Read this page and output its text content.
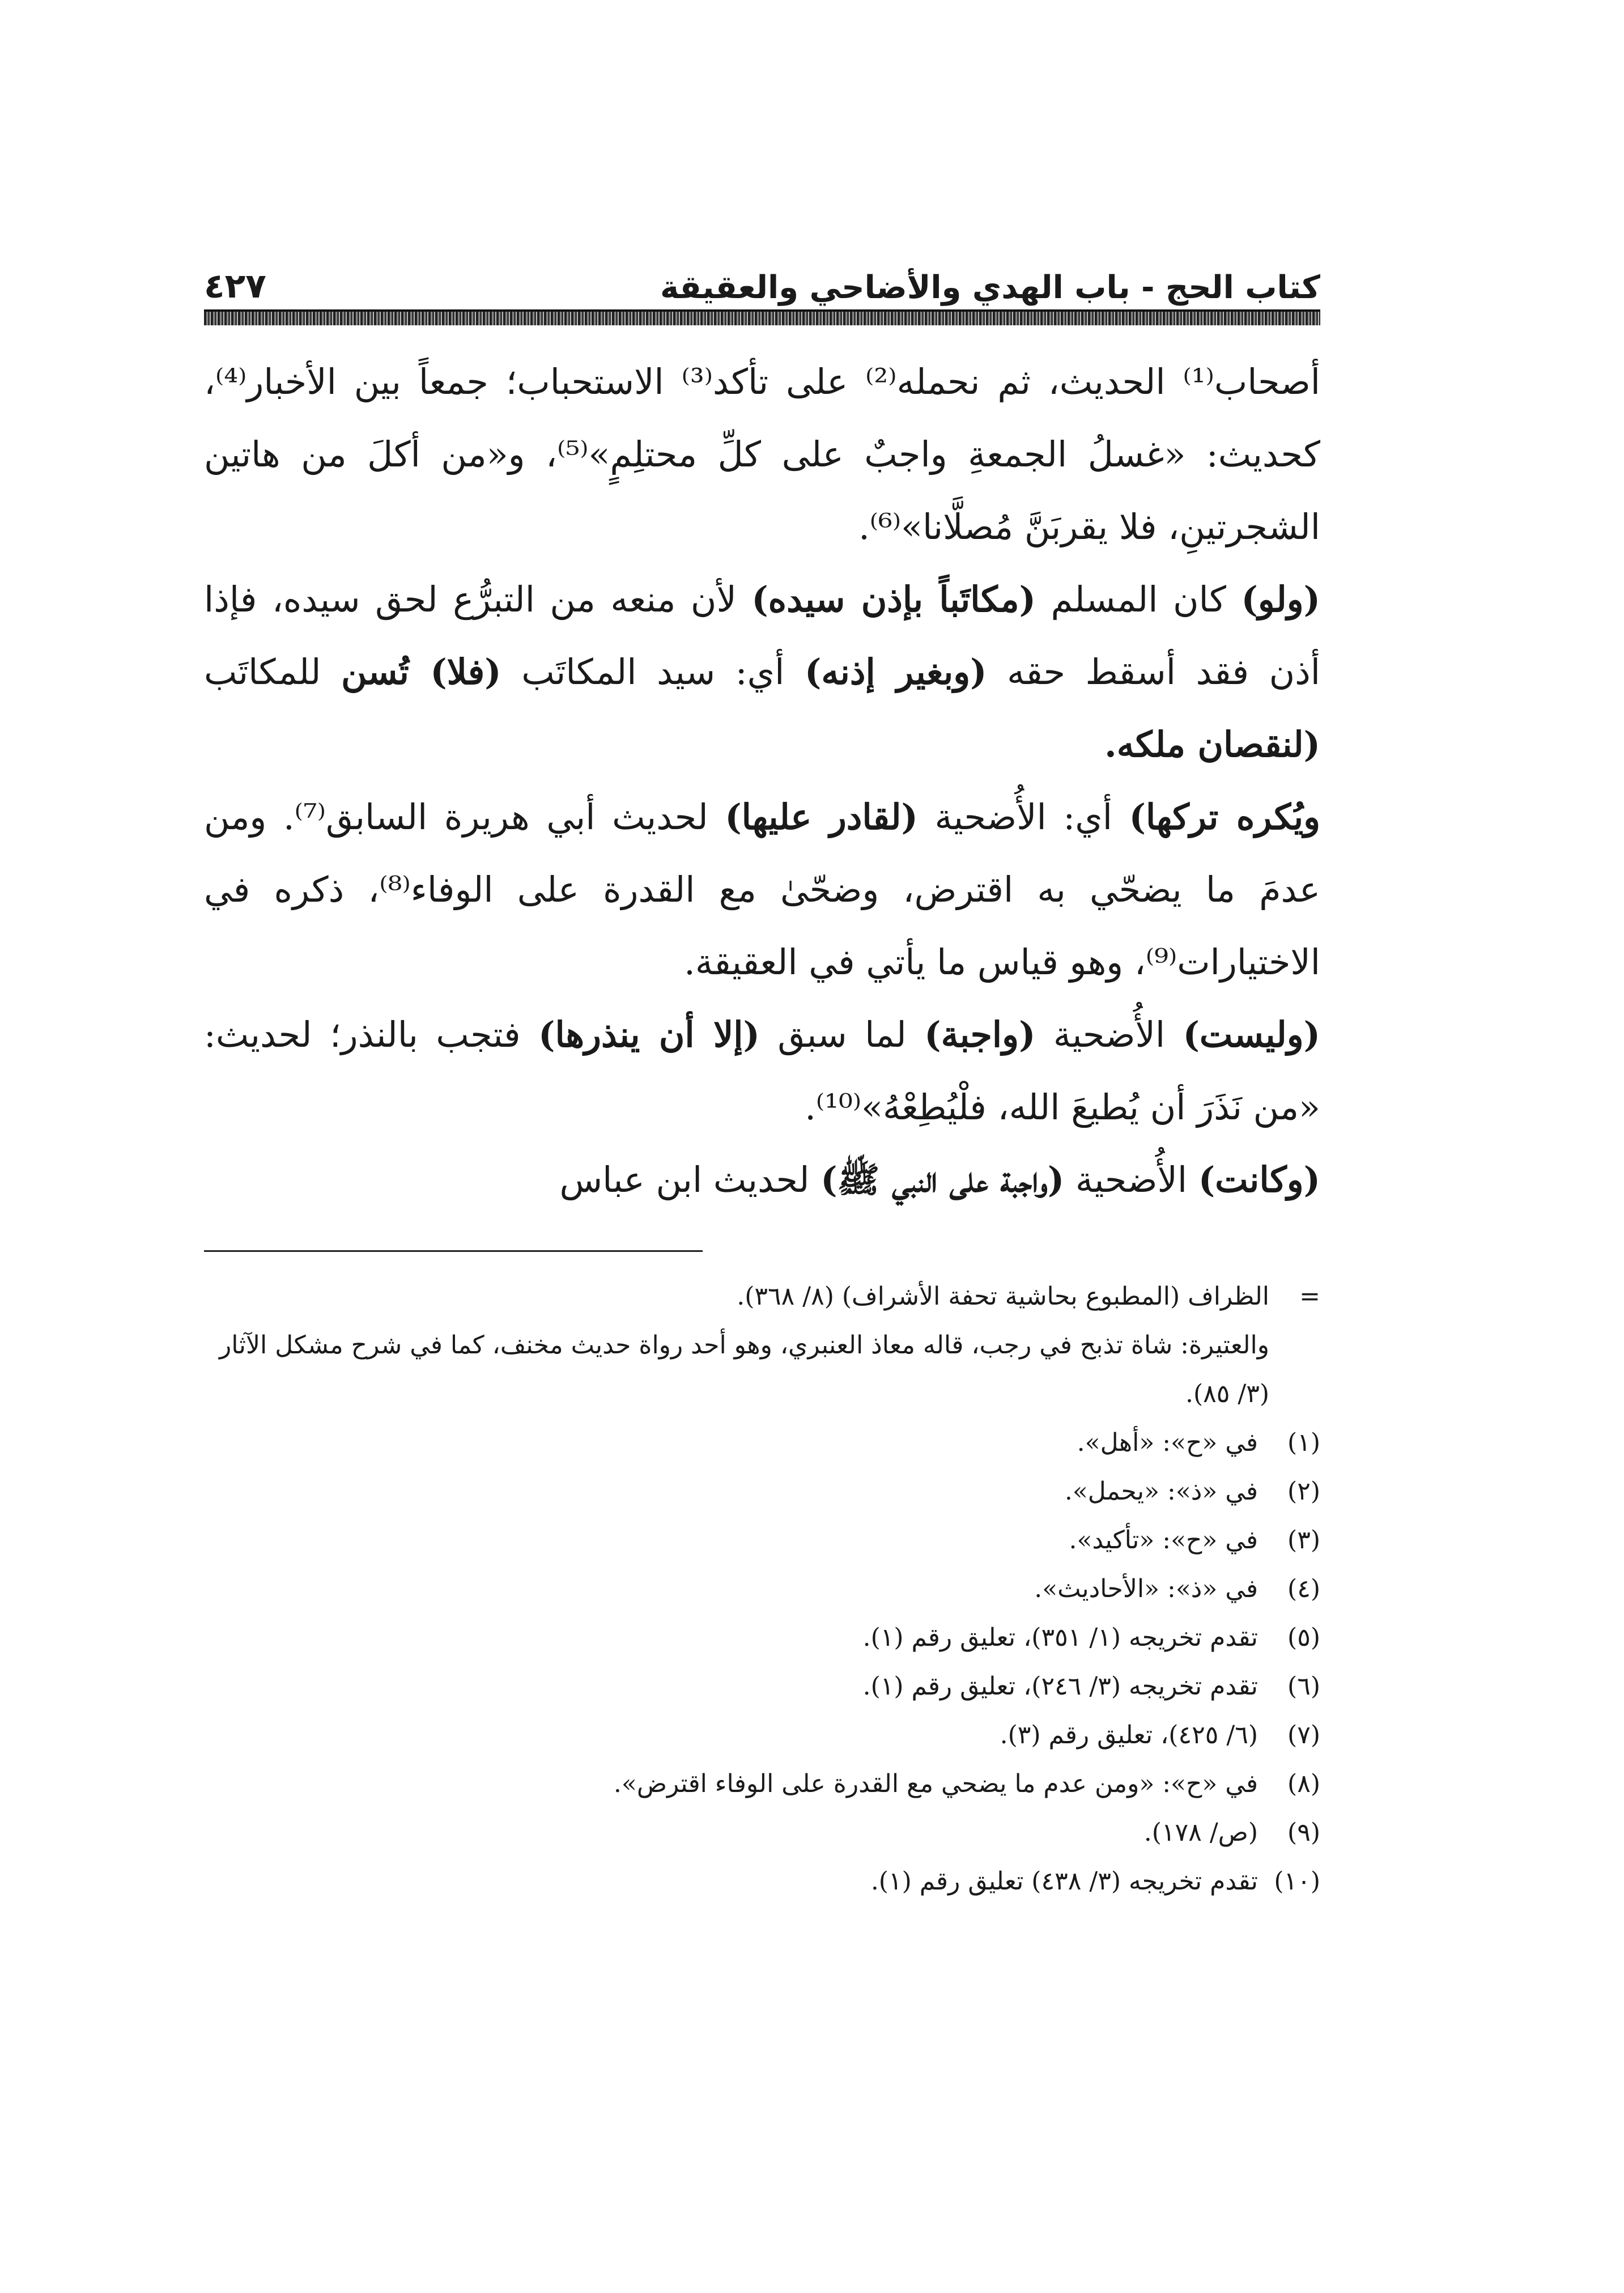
كتاب الحج - باب الهدي والأضاحي والعقيقة
٤٢٧

أصحاب⁽¹⁾ الحديث، ثم نحمله⁽²⁾ على تأكد⁽³⁾ الاستحباب؛ جمعاً بين الأخبار⁽⁴⁾، كحديث: «غسلُ الجمعةِ واجبٌ على كلِّ محتلِمٍ»⁽⁵⁾، و«من أكلَ من هاتين الشجرتينِ، فلا يقربَنَّ مُصلَّانا»⁽⁶⁾.

(ولو) كان المسلم (مكاتَباً بإذن سيده) لأن منعه من التبرُّع لحق سيده، فإذا أذن فقد أسقط حقه (وبغير إذنه) أي: سيد المكاتَب (فلا) تُسن للمكاتَب (لنقصان ملكه.

ويُكره تركها) أي: الأُضحية (لقادر عليها) لحديث أبي هريرة السابق⁽⁷⁾. ومن عدمَ ما يضحّي به اقترض، وضحّىٰ مع القدرة على الوفاء⁽⁸⁾، ذكره في الاختيارات⁽⁹⁾، وهو قياس ما يأتي في العقيقة.

(وليست) الأُضحية (واجبة) لما سبق (إلا أن ينذرها) فتجب بالنذر؛ لحديث: «من نَذَرَ أن يُطيعَ الله، فلْيُطِعْهُ»⁽¹⁰⁾.

(وكانت) الأُضحية (واجبة على النبي ﷺ) لحديث ابن عباس

=
الظراف (المطبوع بحاشية تحفة الأشراف) (٨/ ٣٦٨).
والعتيرة: شاة تذبح في رجب، قاله معاذ العنبري، وهو أحد رواة حديث مخنف، كما في شرح مشكل الآثار (٣/ ٨٥).
(١)
في «ح»: «أهل».
(٢)
في «ذ»: «يحمل».
(٣)
في «ح»: «تأكيد».
(٤)
في «ذ»: «الأحاديث».
(٥)
تقدم تخريجه (١/ ٣٥١)، تعليق رقم (١).
(٦)
تقدم تخريجه (٣/ ٢٤٦)، تعليق رقم (١).
(٧)
(٦/ ٤٢٥)، تعليق رقم (٣).
(٨)
في «ح»: «ومن عدم ما يضحي مع القدرة على الوفاء اقترض».
(٩)
(ص/ ١٧٨).
(١٠)
تقدم تخريجه (٣/ ٤٣٨) تعليق رقم (١).
